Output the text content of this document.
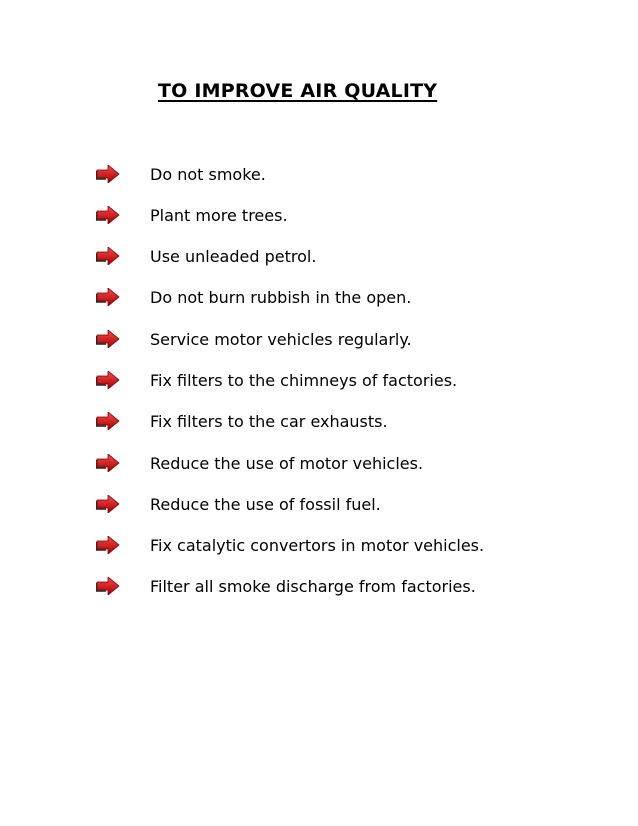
TO IMPROVE AIR QUALITY
Do not smoke.
Plant more trees.
Use unleaded petrol.
Do not burn rubbish in the open.
Service motor vehicles regularly.
Fix filters to the chimneys of factories.
Fix filters to the car exhausts.
Reduce the use of motor vehicles.
Reduce the use of fossil fuel.
Fix catalytic convertors in motor vehicles.
Filter all smoke discharge from factories.
